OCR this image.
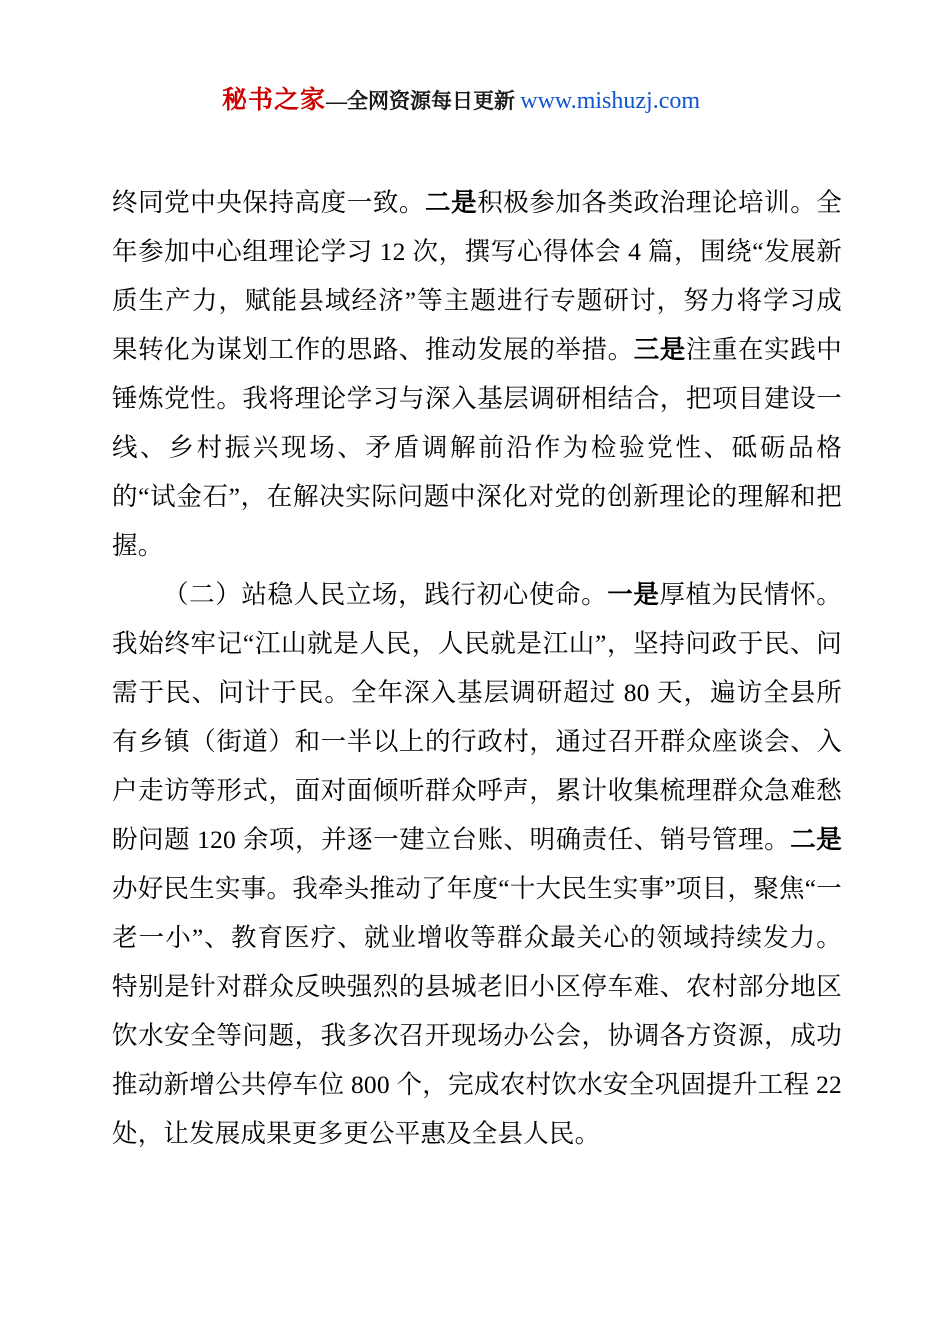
秘书之家—全网资源每日更新 www.mishuzj.com

终同党中央保持高度一致。二是积极参加各类政治理论培训。全年参加中心组理论学习 12 次，撰写心得体会 4 篇，围绕“发展新质生产力，赋能县域经济”等主题进行专题研讨，努力将学习成果转化为谋划工作的思路、推动发展的举措。三是注重在实践中锤炼党性。我将理论学习与深入基层调研相结合，把项目建设一线、乡村振兴现场、矛盾调解前沿作为检验党性、砥砺品格的“试金石”，在解决实际问题中深化对党的创新理论的理解和把握。

（二）站稳人民立场，践行初心使命。一是厚植为民情怀。我始终牢记“江山就是人民，人民就是江山”，坚持问政于民、问需于民、问计于民。全年深入基层调研超过 80 天，遍访全县所有乡镇（街道）和一半以上的行政村，通过召开群众座谈会、入户走访等形式，面对面倾听群众呼声，累计收集梳理群众急难愁盼问题 120 余项，并逐一建立台账、明确责任、销号管理。二是办好民生实事。我牵头推动了年度“十大民生实事”项目，聚焦“一老一小”、教育医疗、就业增收等群众最关心的领域持续发力。特别是针对群众反映强烈的县城老旧小区停车难、农村部分地区饮水安全等问题，我多次召开现场办公会，协调各方资源，成功推动新增公共停车位 800 个，完成农村饮水安全巩固提升工程 22 处，让发展成果更多更公平惠及全县人民。
